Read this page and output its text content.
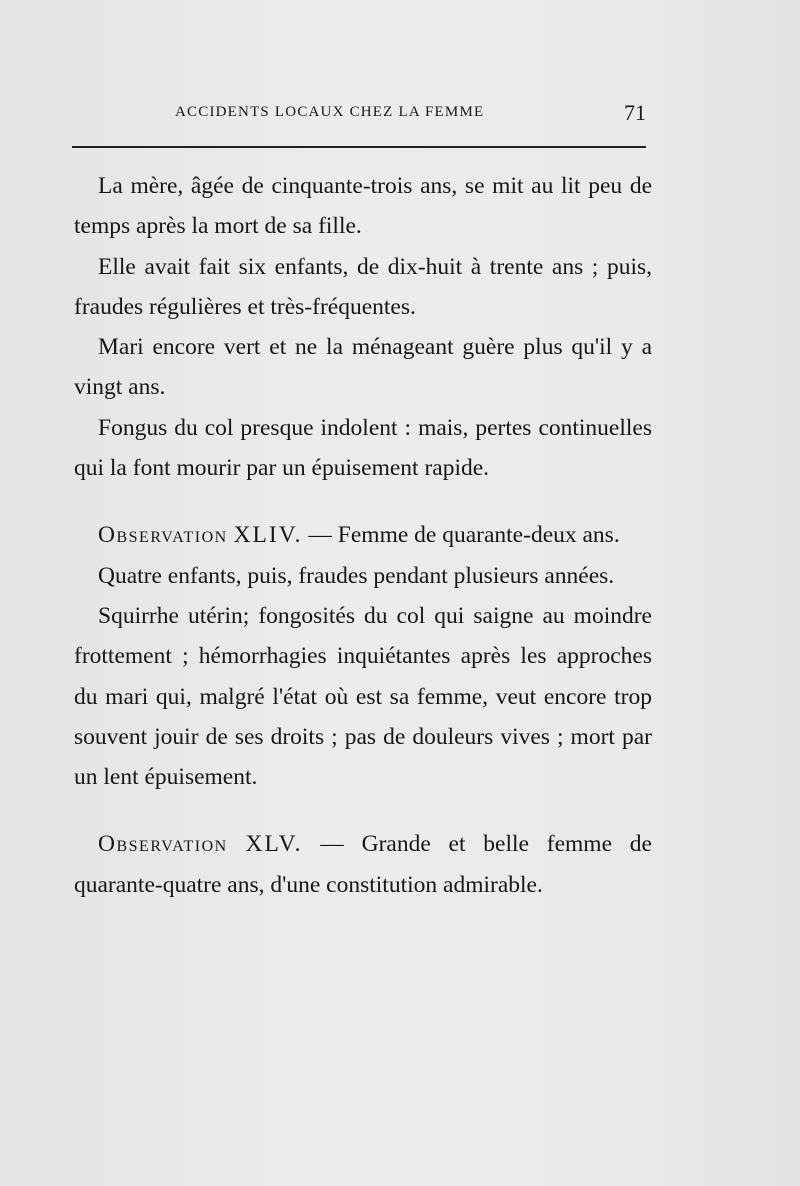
ACCIDENTS LOCAUX CHEZ LA FEMME	71

La mère, âgée de cinquante-trois ans, se mit au lit peu de temps après la mort de sa fille.

Elle avait fait six enfants, de dix-huit à trente ans ; puis, fraudes régulières et très-fréquentes.

Mari encore vert et ne la ménageant guère plus qu'il y a vingt ans.

Fongus du col presque indolent : mais, pertes continuelles qui la font mourir par un épuisement rapide.

Observation XLIV. — Femme de quarante-deux ans.

Quatre enfants, puis, fraudes pendant plusieurs années.

Squirrhe utérin; fongosités du col qui saigne au moindre frottement ; hémorrhagies inquiétantes après les approches du mari qui, malgré l'état où est sa femme, veut encore trop souvent jouir de ses droits ; pas de douleurs vives ; mort par un lent épuisement.

Observation XLV. — Grande et belle femme de quarante-quatre ans, d'une constitution admirable.
